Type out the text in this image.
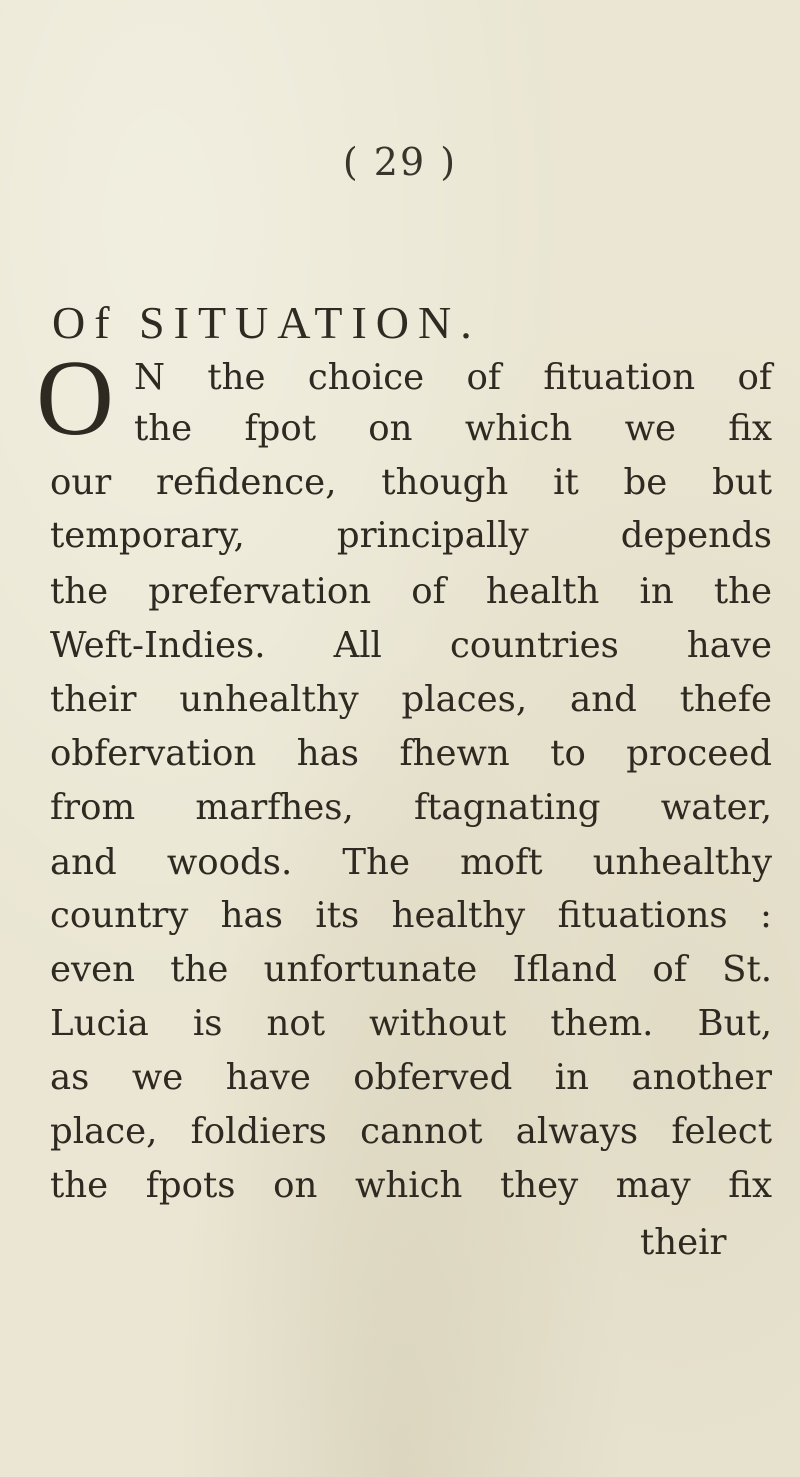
( 29 )
Of SITUATION.
O N the choice of fituation of
the fpot on which we fix
our refidence, though it be but
temporary, principally depends
the prefervation of health in the
Weft-Indies. All countries have
their unhealthy places, and thefe
obfervation has fhewn to proceed
from marfhes, ftagnating water,
and woods. The moft unhealthy
country has its healthy fituations :
even the unfortunate Ifland of St.
Lucia is not without them. But,
as we have obferved in another
place, foldiers cannot always felect
the fpots on which they may fix
their
